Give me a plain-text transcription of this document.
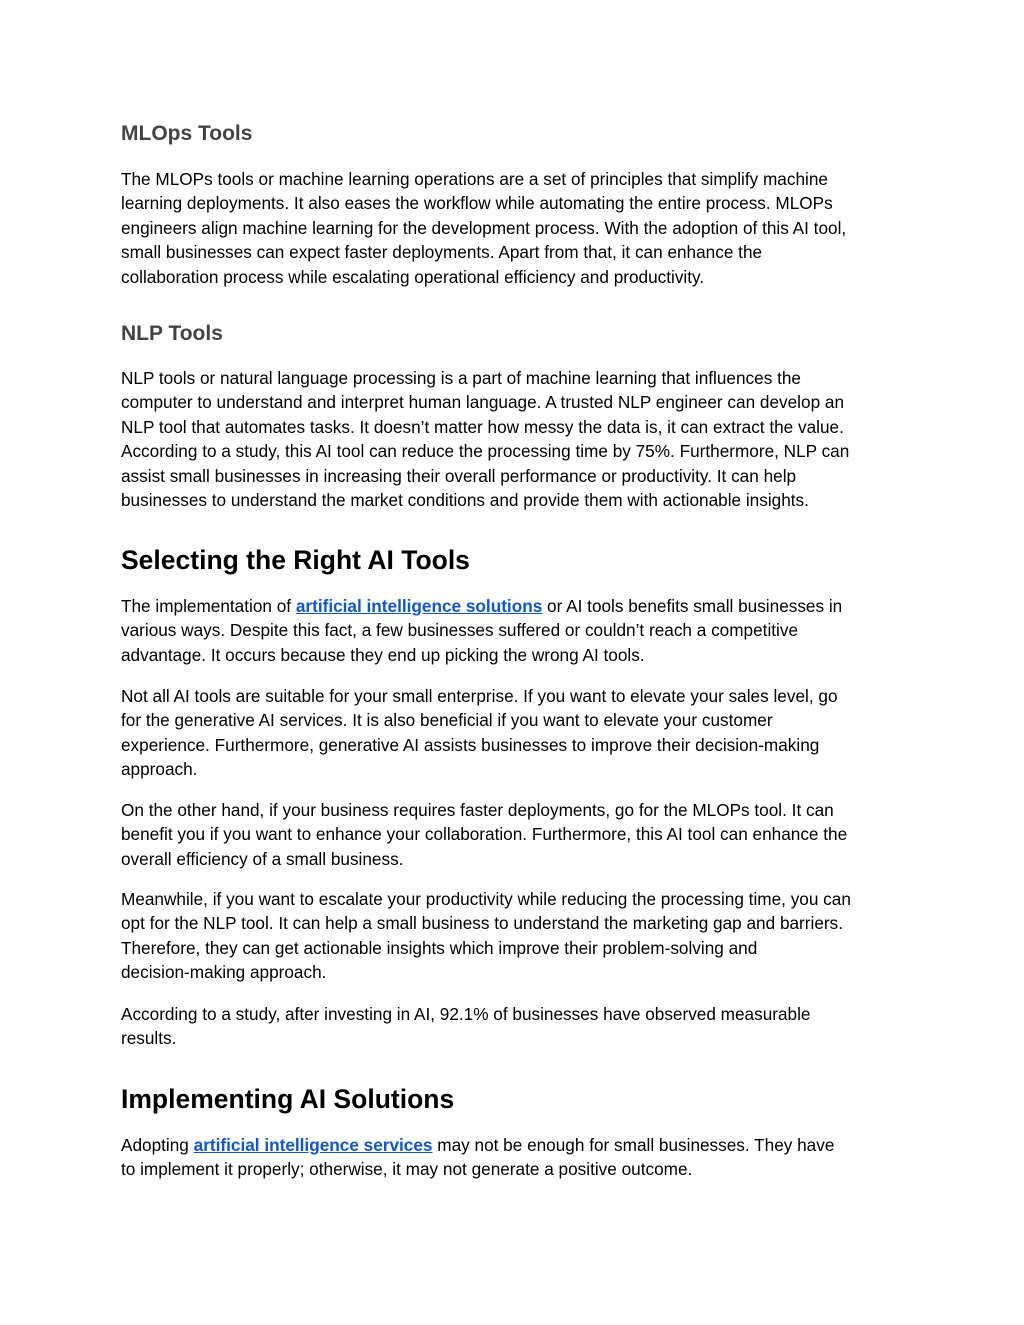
MLOps Tools

The MLOPs tools or machine learning operations are a set of principles that simplify machine
learning deployments. It also eases the workflow while automating the entire process. MLOPs
engineers align machine learning for the development process. With the adoption of this AI tool,
small businesses can expect faster deployments. Apart from that, it can enhance the
collaboration process while escalating operational efficiency and productivity.

NLP Tools

NLP tools or natural language processing is a part of machine learning that influences the
computer to understand and interpret human language. A trusted NLP engineer can develop an
NLP tool that automates tasks. It doesn’t matter how messy the data is, it can extract the value.
According to a study, this AI tool can reduce the processing time by 75%. Furthermore, NLP can
assist small businesses in increasing their overall performance or productivity. It can help
businesses to understand the market conditions and provide them with actionable insights.

Selecting the Right AI Tools

The implementation of artificial intelligence solutions or AI tools benefits small businesses in
various ways. Despite this fact, a few businesses suffered or couldn’t reach a competitive
advantage. It occurs because they end up picking the wrong AI tools.

Not all AI tools are suitable for your small enterprise. If you want to elevate your sales level, go
for the generative AI services. It is also beneficial if you want to elevate your customer
experience. Furthermore, generative AI assists businesses to improve their decision-making
approach.

On the other hand, if your business requires faster deployments, go for the MLOPs tool. It can
benefit you if you want to enhance your collaboration. Furthermore, this AI tool can enhance the
overall efficiency of a small business.

Meanwhile, if you want to escalate your productivity while reducing the processing time, you can
opt for the NLP tool. It can help a small business to understand the marketing gap and barriers.
Therefore, they can get actionable insights which improve their problem-solving and
decision-making approach.

According to a study, after investing in AI, 92.1% of businesses have observed measurable
results.

Implementing AI Solutions

Adopting artificial intelligence services may not be enough for small businesses. They have
to implement it properly; otherwise, it may not generate a positive outcome.
